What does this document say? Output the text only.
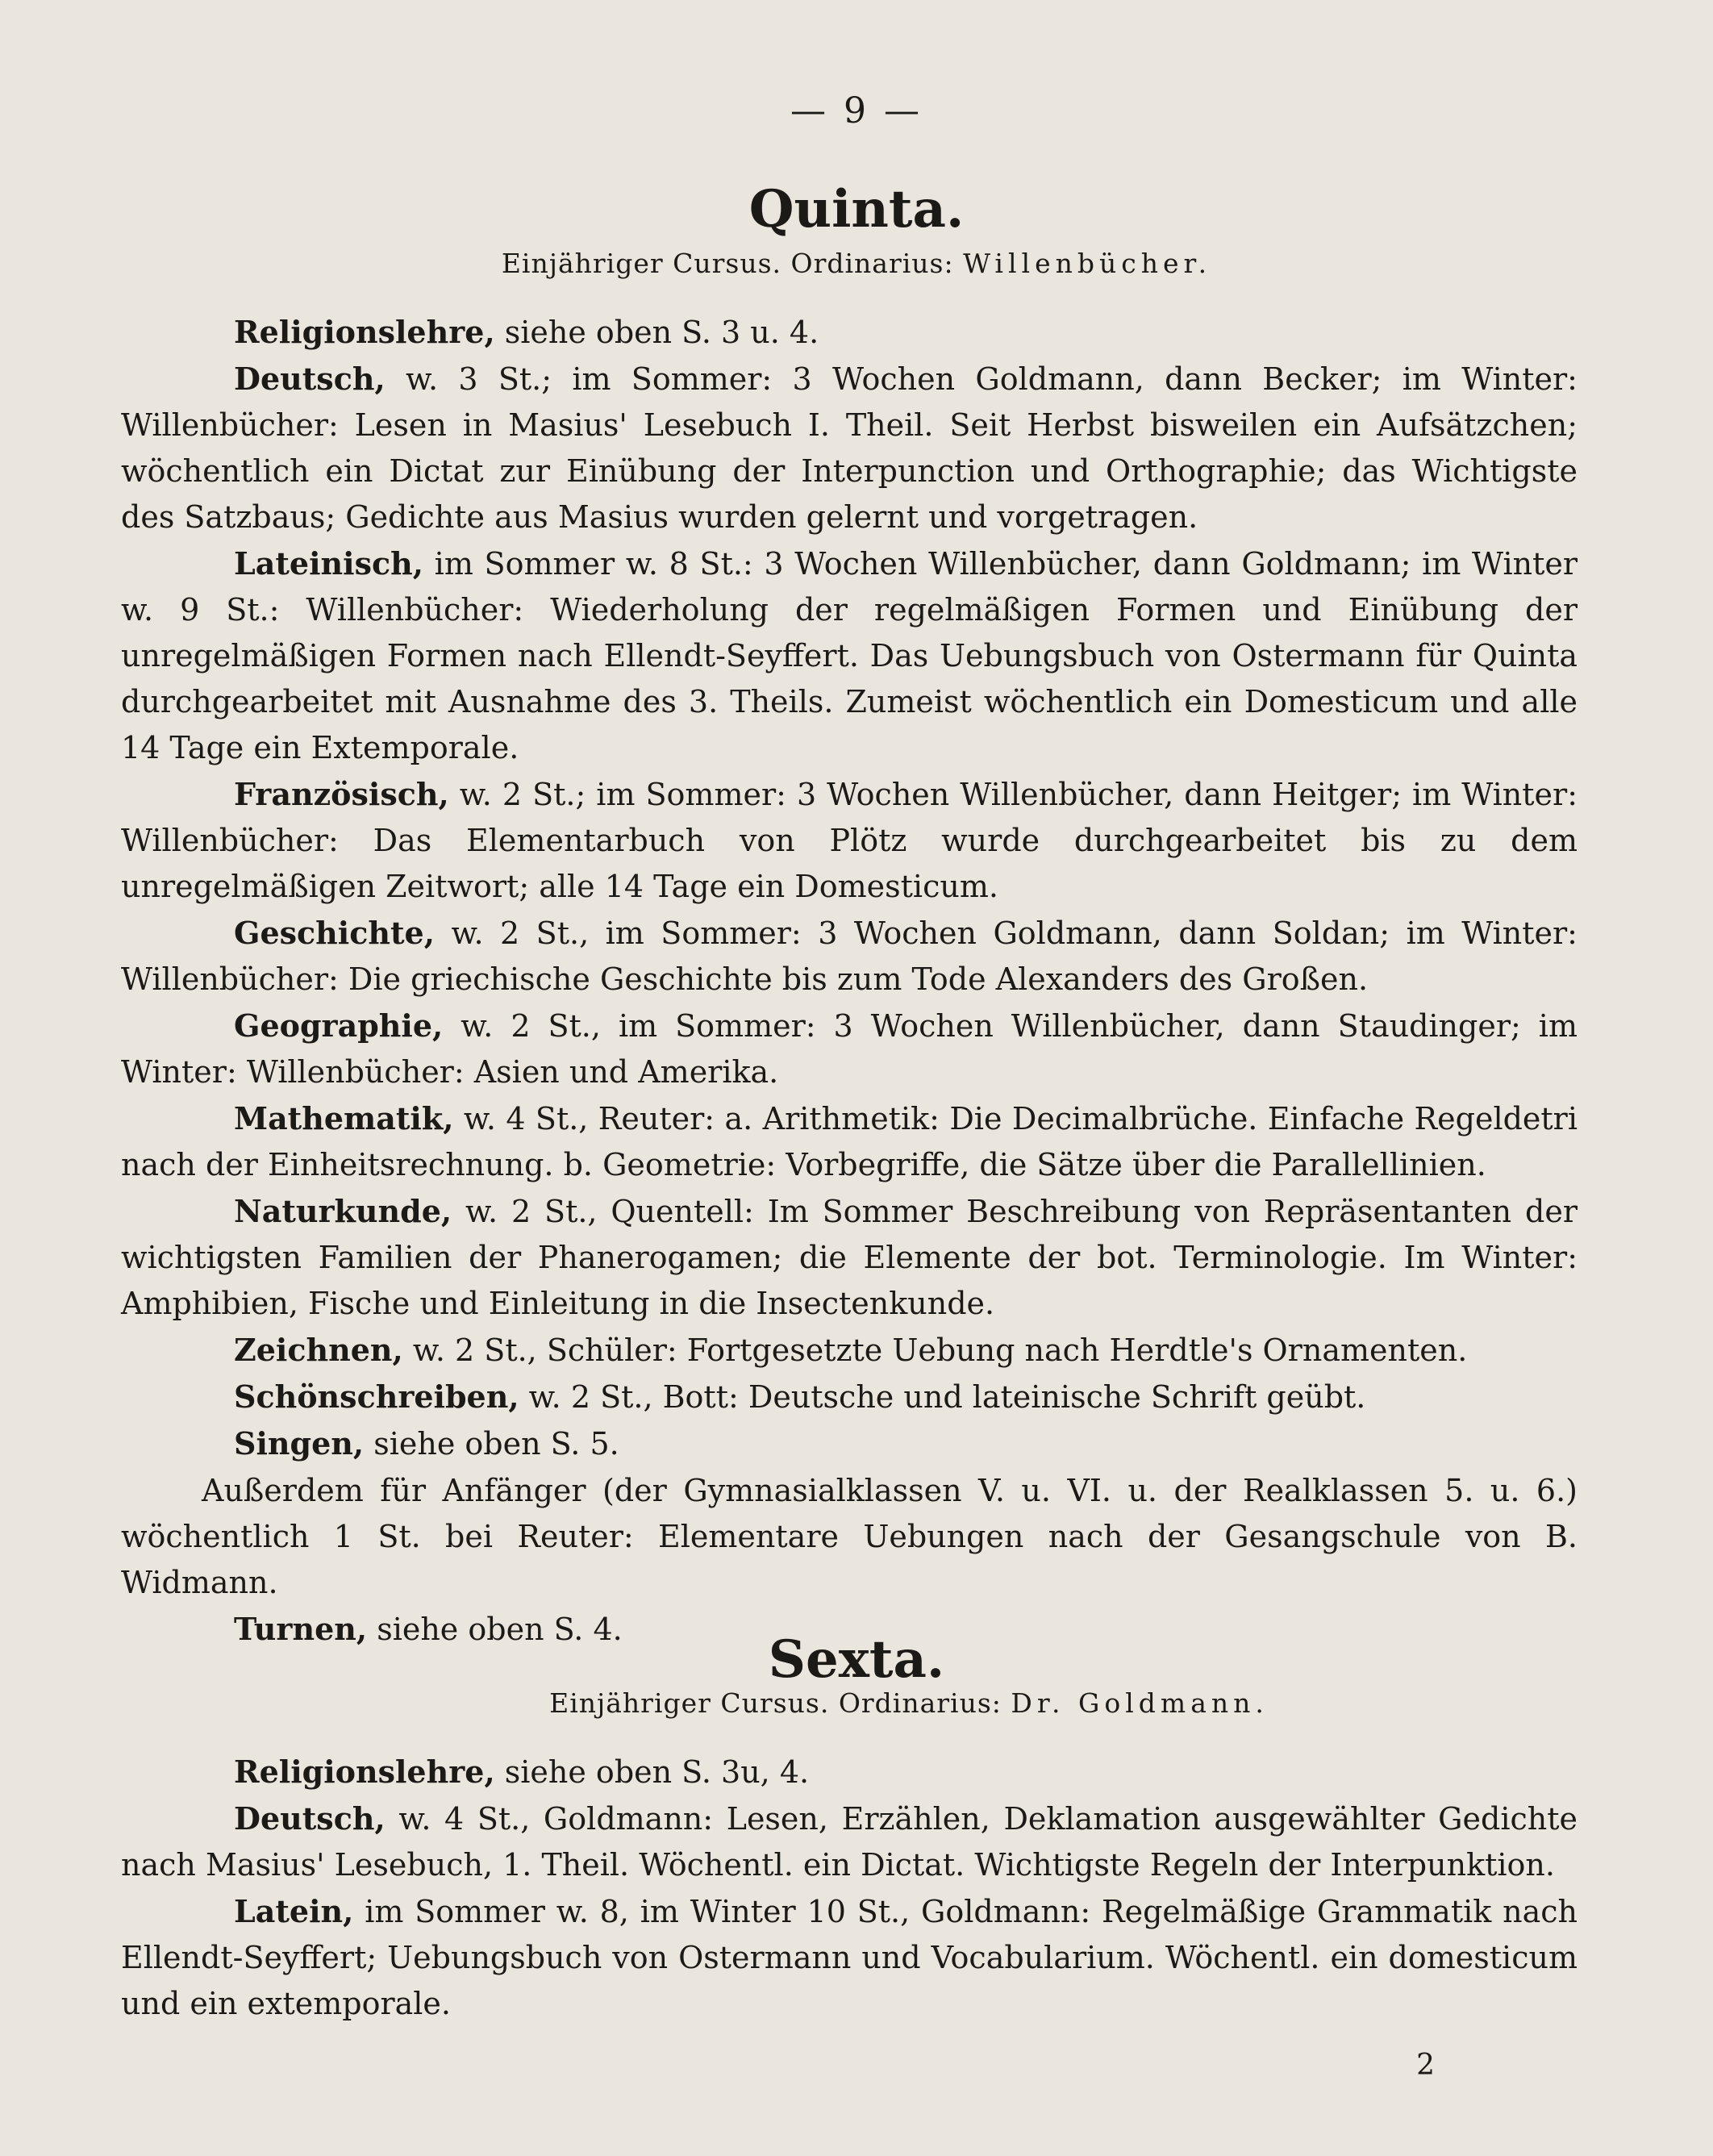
— 9 —
Quinta.
Einjähriger Cursus. Ordinarius: Willenbücher.
Religionslehre, siehe oben S. 3 u. 4.
Deutsch, w. 3 St.; im Sommer: 3 Wochen Goldmann, dann Becker; im Winter: Willenbücher: Lesen in Masius' Lesebuch I. Theil. Seit Herbst bisweilen ein Aufsätzchen; wöchentlich ein Dictat zur Einübung der Interpunction und Orthographie; das Wichtigste des Satzbaus; Gedichte aus Masius wurden gelernt und vorgetragen.
Lateinisch, im Sommer w. 8 St.: 3 Wochen Willenbücher, dann Goldmann; im Winter w. 9 St.: Willenbücher: Wiederholung der regelmäßigen Formen und Einübung der unregelmäßigen Formen nach Ellendt-Seyffert. Das Uebungsbuch von Ostermann für Quinta durchgearbeitet mit Ausnahme des 3. Theils. Zumeist wöchentlich ein Domesticum und alle 14 Tage ein Extemporale.
Französisch, w. 2 St.; im Sommer: 3 Wochen Willenbücher, dann Heitger; im Winter: Willenbücher: Das Elementarbuch von Plötz wurde durchgearbeitet bis zu dem unregelmäßigen Zeitwort; alle 14 Tage ein Domesticum.
Geschichte, w. 2 St., im Sommer: 3 Wochen Goldmann, dann Soldan; im Winter: Willenbücher: Die griechische Geschichte bis zum Tode Alexanders des Großen.
Geographie, w. 2 St., im Sommer: 3 Wochen Willenbücher, dann Staudinger; im Winter: Willenbücher: Asien und Amerika.
Mathematik, w. 4 St., Reuter: a. Arithmetik: Die Decimalbrüche. Einfache Regeldetri nach der Einheitsrechnung. b. Geometrie: Vorbegriffe, die Sätze über die Parallellinien.
Naturkunde, w. 2 St., Quentell: Im Sommer Beschreibung von Repräsentanten der wichtigsten Familien der Phanerogamen; die Elemente der bot. Terminologie. Im Winter: Amphibien, Fische und Einleitung in die Insectenkunde.
Zeichnen, w. 2 St., Schüler: Fortgesetzte Uebung nach Herdtle's Ornamenten.
Schönschreiben, w. 2 St., Bott: Deutsche und lateinische Schrift geübt.
Singen, siehe oben S. 5.
Außerdem für Anfänger (der Gymnasialklassen V. u. VI. u. der Realklassen 5. u. 6.) wöchentlich 1 St. bei Reuter: Elementare Uebungen nach der Gesangschule von B. Widmann.
Turnen, siehe oben S. 4.	Sexta.
Einjähriger Cursus. Ordinarius: Dr. Goldmann.
Religionslehre, siehe oben S. 3u, 4.
Deutsch, w. 4 St., Goldmann: Lesen, Erzählen, Deklamation ausgewählter Gedichte nach Masius' Lesebuch, 1. Theil. Wöchentl. ein Dictat. Wichtigste Regeln der Interpunktion.
Latein, im Sommer w. 8, im Winter 10 St., Goldmann: Regelmäßige Grammatik nach Ellendt-Seyffert; Uebungsbuch von Ostermann und Vocabularium. Wöchentl. ein domesticum und ein extemporale.
2
